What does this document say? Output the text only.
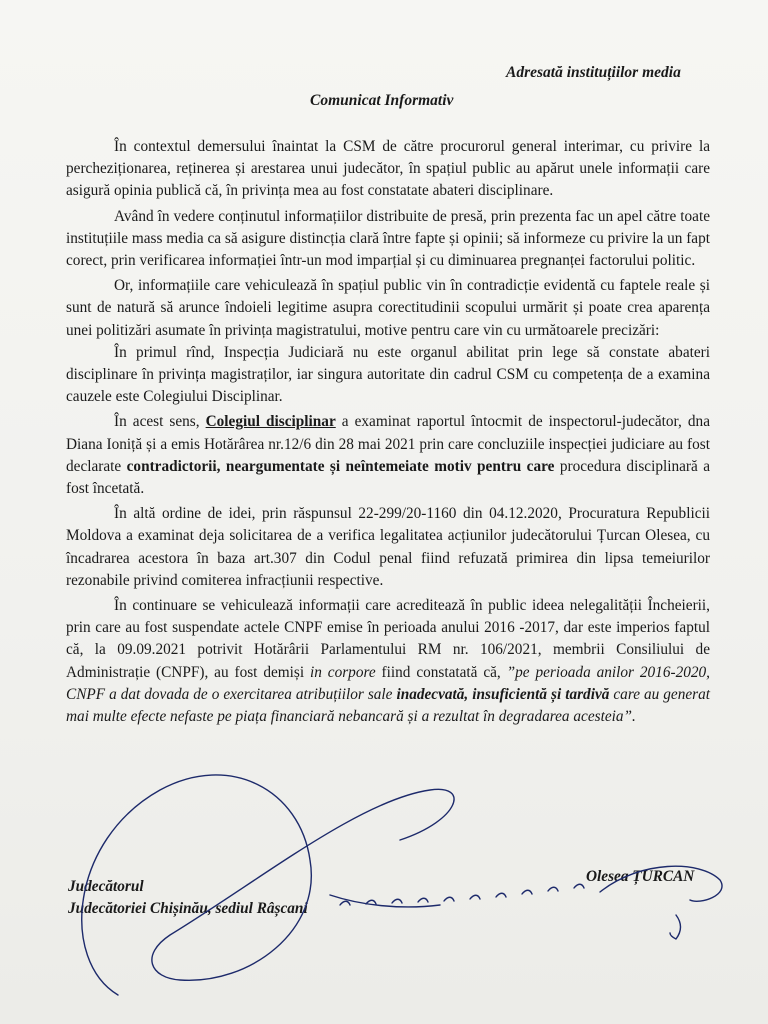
Adresată instituțiilor media
Comunicat Informativ

În contextul demersului înaintat la CSM de către procurorul general interimar, cu privire la percheziționarea, reținerea și arestarea unui judecător, în spațiul public au apărut unele informații care asigură opinia publică că, în privința mea au fost constatate abateri disciplinare.

Având în vedere conținutul informațiilor distribuite de presă, prin prezenta fac un apel către toate instituțiile mass media ca să asigure distincția clară între fapte și opinii; să informeze cu privire la un fapt corect, prin verificarea informației într-un mod imparțial și cu diminuarea pregnanței factorului politic.

Or, informațiile care vehiculează în spațiul public vin în contradicție evidentă cu faptele reale și sunt de natură să arunce îndoieli legitime asupra corectitudinii scopului urmărit și poate crea aparența unei politizări asumate în privința magistratului, motive pentru care vin cu următoarele precizări:

În primul rînd, Inspecția Judiciară nu este organul abilitat prin lege să constate abateri disciplinare în privința magistraților, iar singura autoritate din cadrul CSM cu competența de a examina cauzele este Colegiului Disciplinar.

În acest sens, Colegiul disciplinar a examinat raportul întocmit de inspectorul-judecător, dna Diana Ioniță și a emis Hotărârea nr.12/6 din 28 mai 2021 prin care concluziile inspecției judiciare au fost declarate contradictorii, neargumentate și neîntemeiate motiv pentru care procedura disciplinară a fost încetată.

În altă ordine de idei, prin răspunsul 22-299/20-1160 din 04.12.2020, Procuratura Republicii Moldova a examinat deja solicitarea de a verifica legalitatea acțiunilor judecătorului Țurcan Olesea, cu încadrarea acestora în baza art.307 din Codul penal fiind refuzată primirea din lipsa temeiurilor rezonabile privind comiterea infracțiunii respective.

În continuare se vehiculează informații care acreditează în public ideea nelegalității Încheierii, prin care au fost suspendate actele CNPF emise în perioada anului 2016 -2017, dar este imperios faptul că, la 09.09.2021 potrivit Hotărârii Parlamentului RM nr. 106/2021, membrii Consiliului de Administrație (CNPF), au fost demiși in corpore fiind constatată că, ”pe perioada anilor 2016-2020, CNPF a dat dovada de o exercitarea atribuțiilor sale inadecvată, insuficientă și tardivă care au generat mai multe efecte nefaste pe piața financiară nebancară și a rezultat în degradarea acesteia”.

Judecătorul
Judecătoriei Chișinău, sediul Râșcani
Olesea ȚURCAN
